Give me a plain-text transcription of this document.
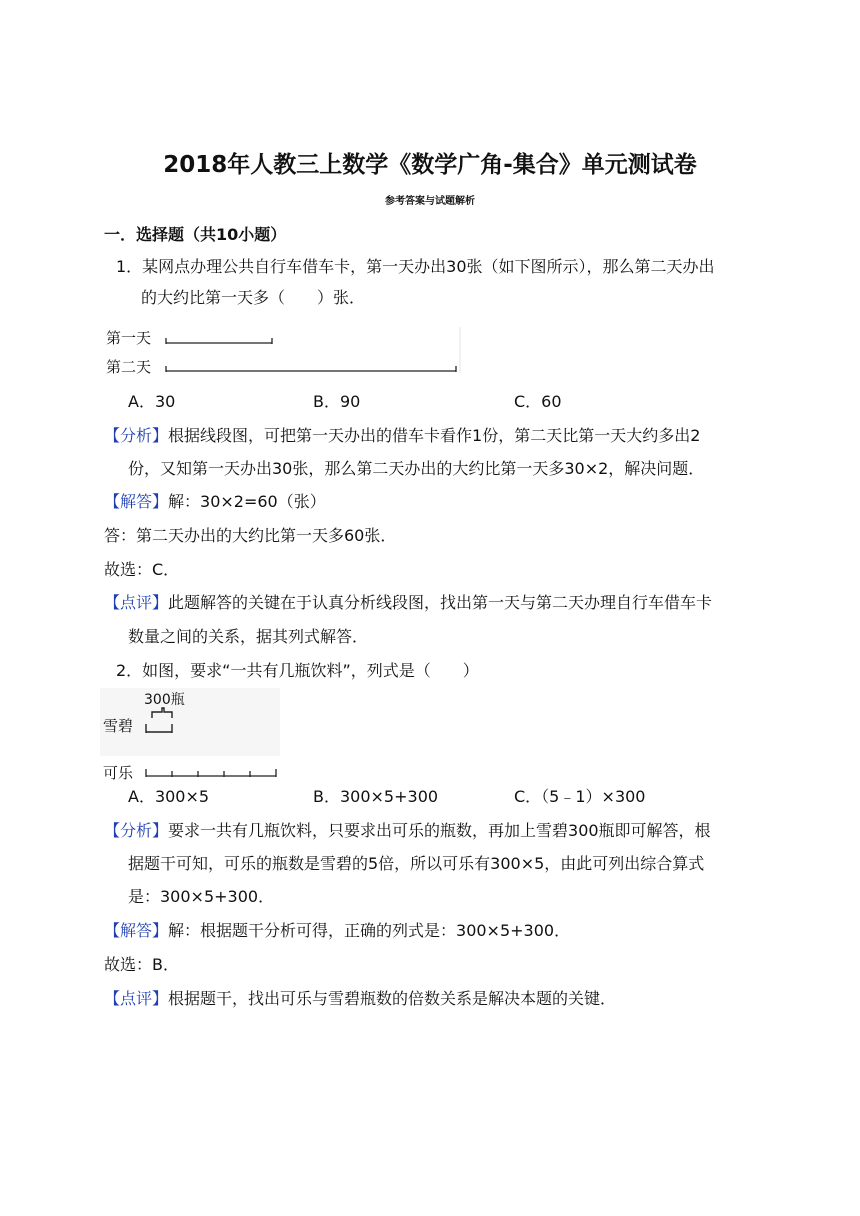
2018年人教三上数学《数学广角-集合》单元测试卷
参考答案与试题解析
一．选择题（共10小题）
1．某网点办理公共自行车借车卡，第一天办出30张（如下图所示），那么第二天办出
的大约比第一天多（　　）张．
第一天
第二天
A．30	B．90	C．60
【分析】根据线段图，可把第一天办出的借车卡看作1份，第二天比第一天大约多出2
份，又知第一天办出30张，那么第二天办出的大约比第一天多30×2，解决问题．
【解答】解：30×2=60（张）
答：第二天办出的大约比第一天多60张．
故选：C．
【点评】此题解答的关键在于认真分析线段图，找出第一天与第二天办理自行车借车卡
数量之间的关系，据其列式解答．
2．如图，要求“一共有几瓶饮料”，列式是（　　）
300瓶
雪碧
可乐
A．300×5	B．300×5+300	C．（5﹣1）×300
【分析】要求一共有几瓶饮料，只要求出可乐的瓶数，再加上雪碧300瓶即可解答，根
据题干可知，可乐的瓶数是雪碧的5倍，所以可乐有300×5，由此可列出综合算式
是：300×5+300．
【解答】解：根据题干分析可得，正确的列式是：300×5+300．
故选：B．
【点评】根据题干，找出可乐与雪碧瓶数的倍数关系是解决本题的关键．
